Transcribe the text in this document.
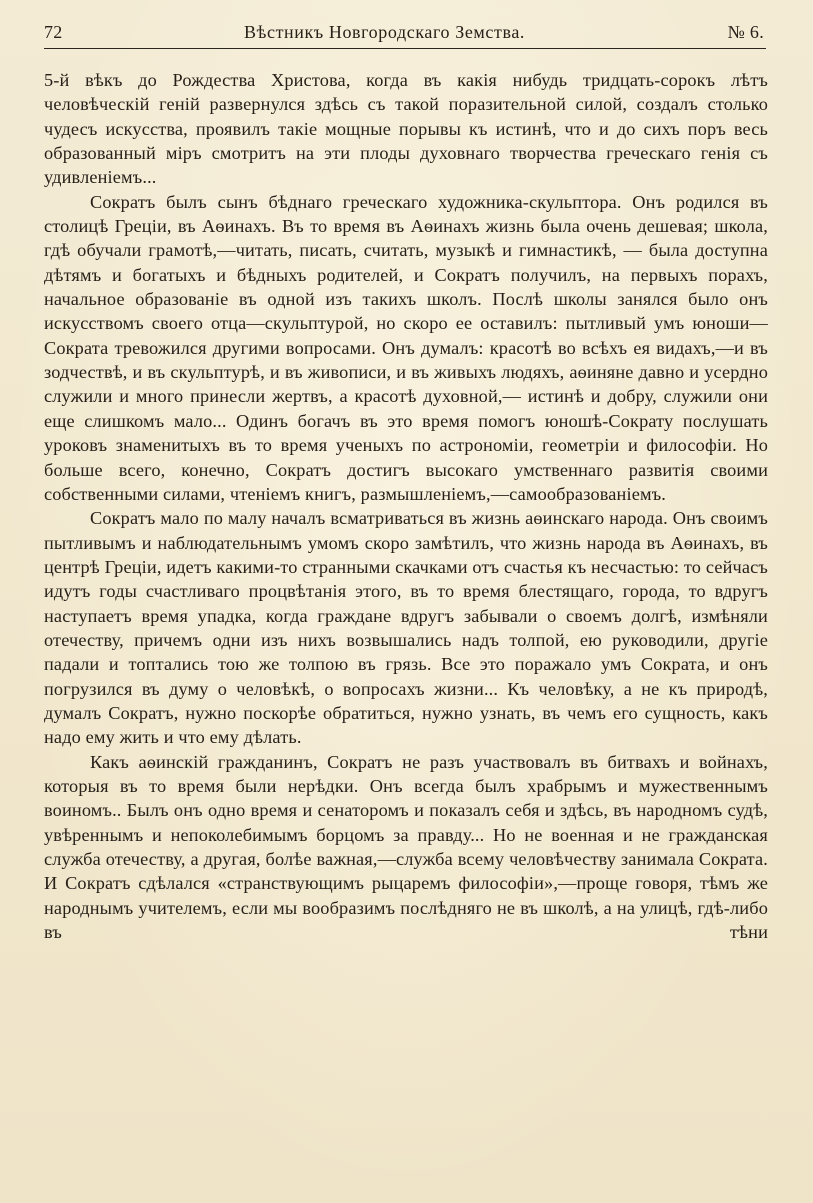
72	Вѣстникъ Новгородскаго Земства.	№ 6.

5-й вѣкъ до Рождества Христова, когда въ какія нибудь тридцать-сорокъ лѣтъ человѣческій геній развернулся здѣсь съ такой поразительной силой, создалъ столько чудесъ искусства, проявилъ такіе мощные порывы къ истинѣ, что и до сихъ поръ весь образованный міръ смотритъ на эти плоды духовнаго творчества греческаго генія съ удивленіемъ...

Сократъ былъ сынъ бѣднаго греческаго художника-скульптора. Онъ родился въ столицѣ Греціи, въ Аѳинахъ. Въ то время въ Аѳинахъ жизнь была очень дешевая; школа, гдѣ обучали грамотѣ,—читать, писать, считать, музыкѣ и гимнастикѣ, — была доступна дѣтямъ и богатыхъ и бѣдныхъ родителей, и Сократъ получилъ, на первыхъ порахъ, начальное образованіе въ одной изъ такихъ школъ. Послѣ школы занялся было онъ искусствомъ своего отца—скульптурой, но скоро ее оставилъ: пытливый умъ юноши—Сократа тревожился другими вопросами. Онъ думалъ: красотѣ во всѣхъ ея видахъ,—и въ зодчествѣ, и въ скульптурѣ, и въ живописи, и въ живыхъ людяхъ, аѳиняне давно и усердно служили и много принесли жертвъ, а красотѣ духовной,— истинѣ и добру, служили они еще слишкомъ мало... Одинъ богачъ въ это время помогъ юношѣ-Сократу послушать уроковъ знаменитыхъ въ то время ученыхъ по астрономіи, геометріи и философіи. Но больше всего, конечно, Сократъ достигъ высокаго умственнаго развитія своими собственными силами, чтеніемъ книгъ, размышленіемъ,—самообразованіемъ.

Сократъ мало по малу началъ всматриваться въ жизнь аѳинскаго народа. Онъ своимъ пытливымъ и наблюдательнымъ умомъ скоро замѣтилъ, что жизнь народа въ Аѳинахъ, въ центрѣ Греціи, идетъ какими-то странными скачками отъ счастья къ несчастью: то сейчасъ идутъ годы счастливаго процвѣтанія этого, въ то время блестящаго, города, то вдругъ наступаетъ время упадка, когда граждане вдругъ забывали о своемъ долгѣ, измѣняли отечеству, причемъ одни изъ нихъ возвышались надъ толпой, ею руководили, другіе падали и топтались тою же толпою въ грязь. Все это поражало умъ Сократа, и онъ погрузился въ думу о человѣкѣ, о вопросахъ жизни... Къ человѣку, а не къ природѣ, думалъ Сократъ, нужно поскорѣе обратиться, нужно узнать, въ чемъ его сущность, какъ надо ему жить и что ему дѣлать.

Какъ аѳинскій гражданинъ, Сократъ не разъ участвовалъ въ битвахъ и войнахъ, которыя въ то время были нерѣдки. Онъ всегда былъ храбрымъ и мужественнымъ воиномъ.. Былъ онъ одно время и сенаторомъ и показалъ себя и здѣсь, въ народномъ судѣ, увѣреннымъ и непоколебимымъ борцомъ за правду... Но не военная и не гражданская служба отечеству, а другая, болѣе важная,—служба всему человѣчеству занимала Сократа. И Сократъ сдѣлался «странствующимъ рыцаремъ философіи»,—проще говоря, тѣмъ же народнымъ учителемъ, если мы вообразимъ послѣдняго не въ школѣ, а на улицѣ, гдѣ-либо въ тѣни
